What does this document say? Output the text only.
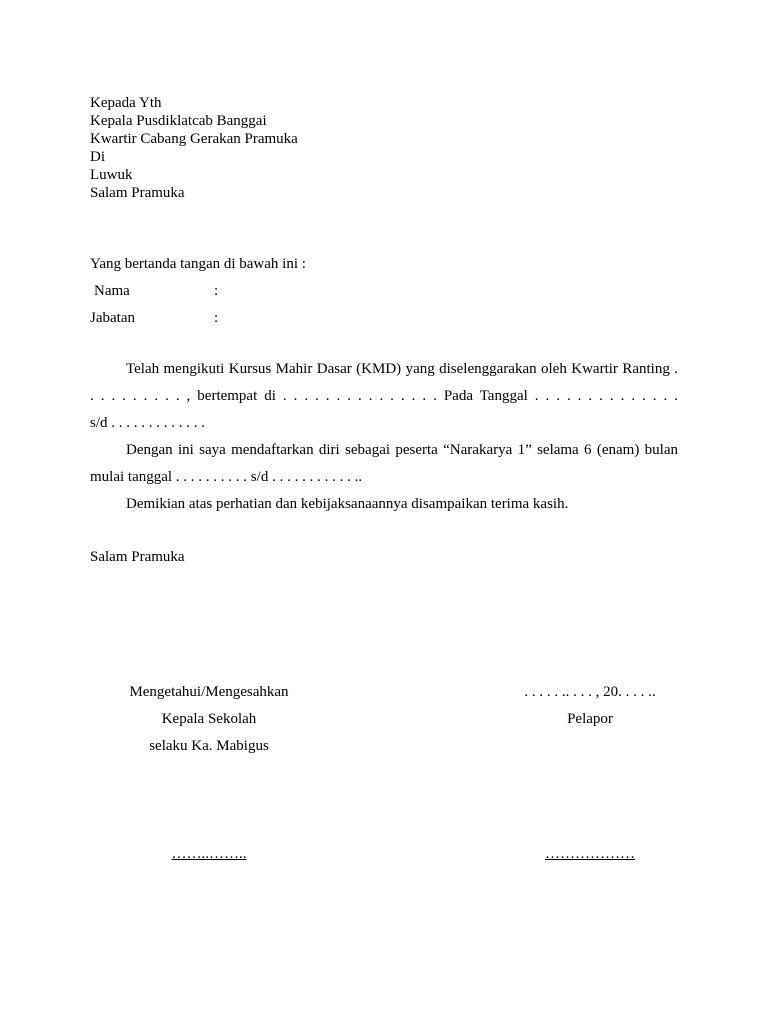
Kepada Yth
Kepala Pusdiklatcab Banggai
Kwartir Cabang Gerakan Pramuka
Di
Luwuk
Salam Pramuka
Yang bertanda tangan di bawah ini :
Nama	:
Jabatan	:
Telah mengikuti Kursus Mahir Dasar (KMD) yang diselenggarakan oleh Kwartir Ranting .
. . . . . . . . . , bertempat di . . . . . . . . . . . . . . . Pada Tanggal . . . . . . . . . . . . . .
s/d . . . . . . . . . . . . .
Dengan ini saya mendaftarkan diri sebagai peserta “Narakarya 1” selama 6 (enam) bulan
mulai tanggal . . . . . . . . . . s/d . . . . . . . . . . . ..
Demikian atas perhatian dan kebijaksanaannya disampaikan terima kasih.
Salam Pramuka
Mengetahui/Mengesahkan
Kepala Sekolah
selaku Ka. Mabigus
……..……..
. . . . . .. . . . , 20. . . . ..
Pelapor
………………
